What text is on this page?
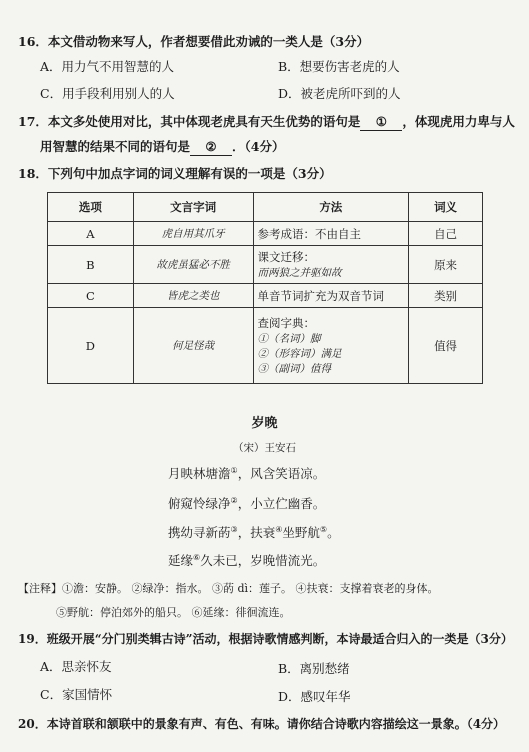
16．本文借动物来写人，作者想要借此劝诫的一类人是（3分）
A．用力气不用智慧的人	B．想要伤害老虎的人
C．用手段利用别人的人	D．被老虎所吓到的人
17．本文多处使用对比，其中体现老虎具有天生优势的语句是 ① ，体现虎用力卑与人
用智慧的结果不同的语句是 ② ．（4分）
18．下列句中加点字词的词义理解有误的一项是（3分）
选项	文言字词	方法	词义
A	虎自用其爪牙	参考成语：不由自主	自己
B	故虎虽猛必不胜	课文迁移：
而两狼之并驱如故	原来
C	皆虎之类也	单音节词扩充为双音节词	类别
D	何足怪哉	查阅字典：
①（名词）脚
②（形容词）满足
③（副词）值得	值得
岁晚
（宋）王安石
月映林塘澹①，风含笑语凉。
俯窥怜绿净②，小立伫幽香。
携幼寻新菂③，扶衰④坐野航⑤。
延缘⑥久未已，岁晚惜流光。
【注释】①澹：安静。 ②绿净：指水。 ③菂 dì：莲子。 ④扶衰：支撑着衰老的身体。
⑤野航：停泊郊外的船只。 ⑥延缘：徘徊流连。
19．班级开展“分门别类辑古诗”活动，根据诗歌情感判断，本诗最适合归入的一类是（3分）
A．思亲怀友	B．离别愁绪
C．家国情怀	D．感叹年华
20．本诗首联和颔联中的景象有声、有色、有味。请你结合诗歌内容描绘这一景象。（4分）
